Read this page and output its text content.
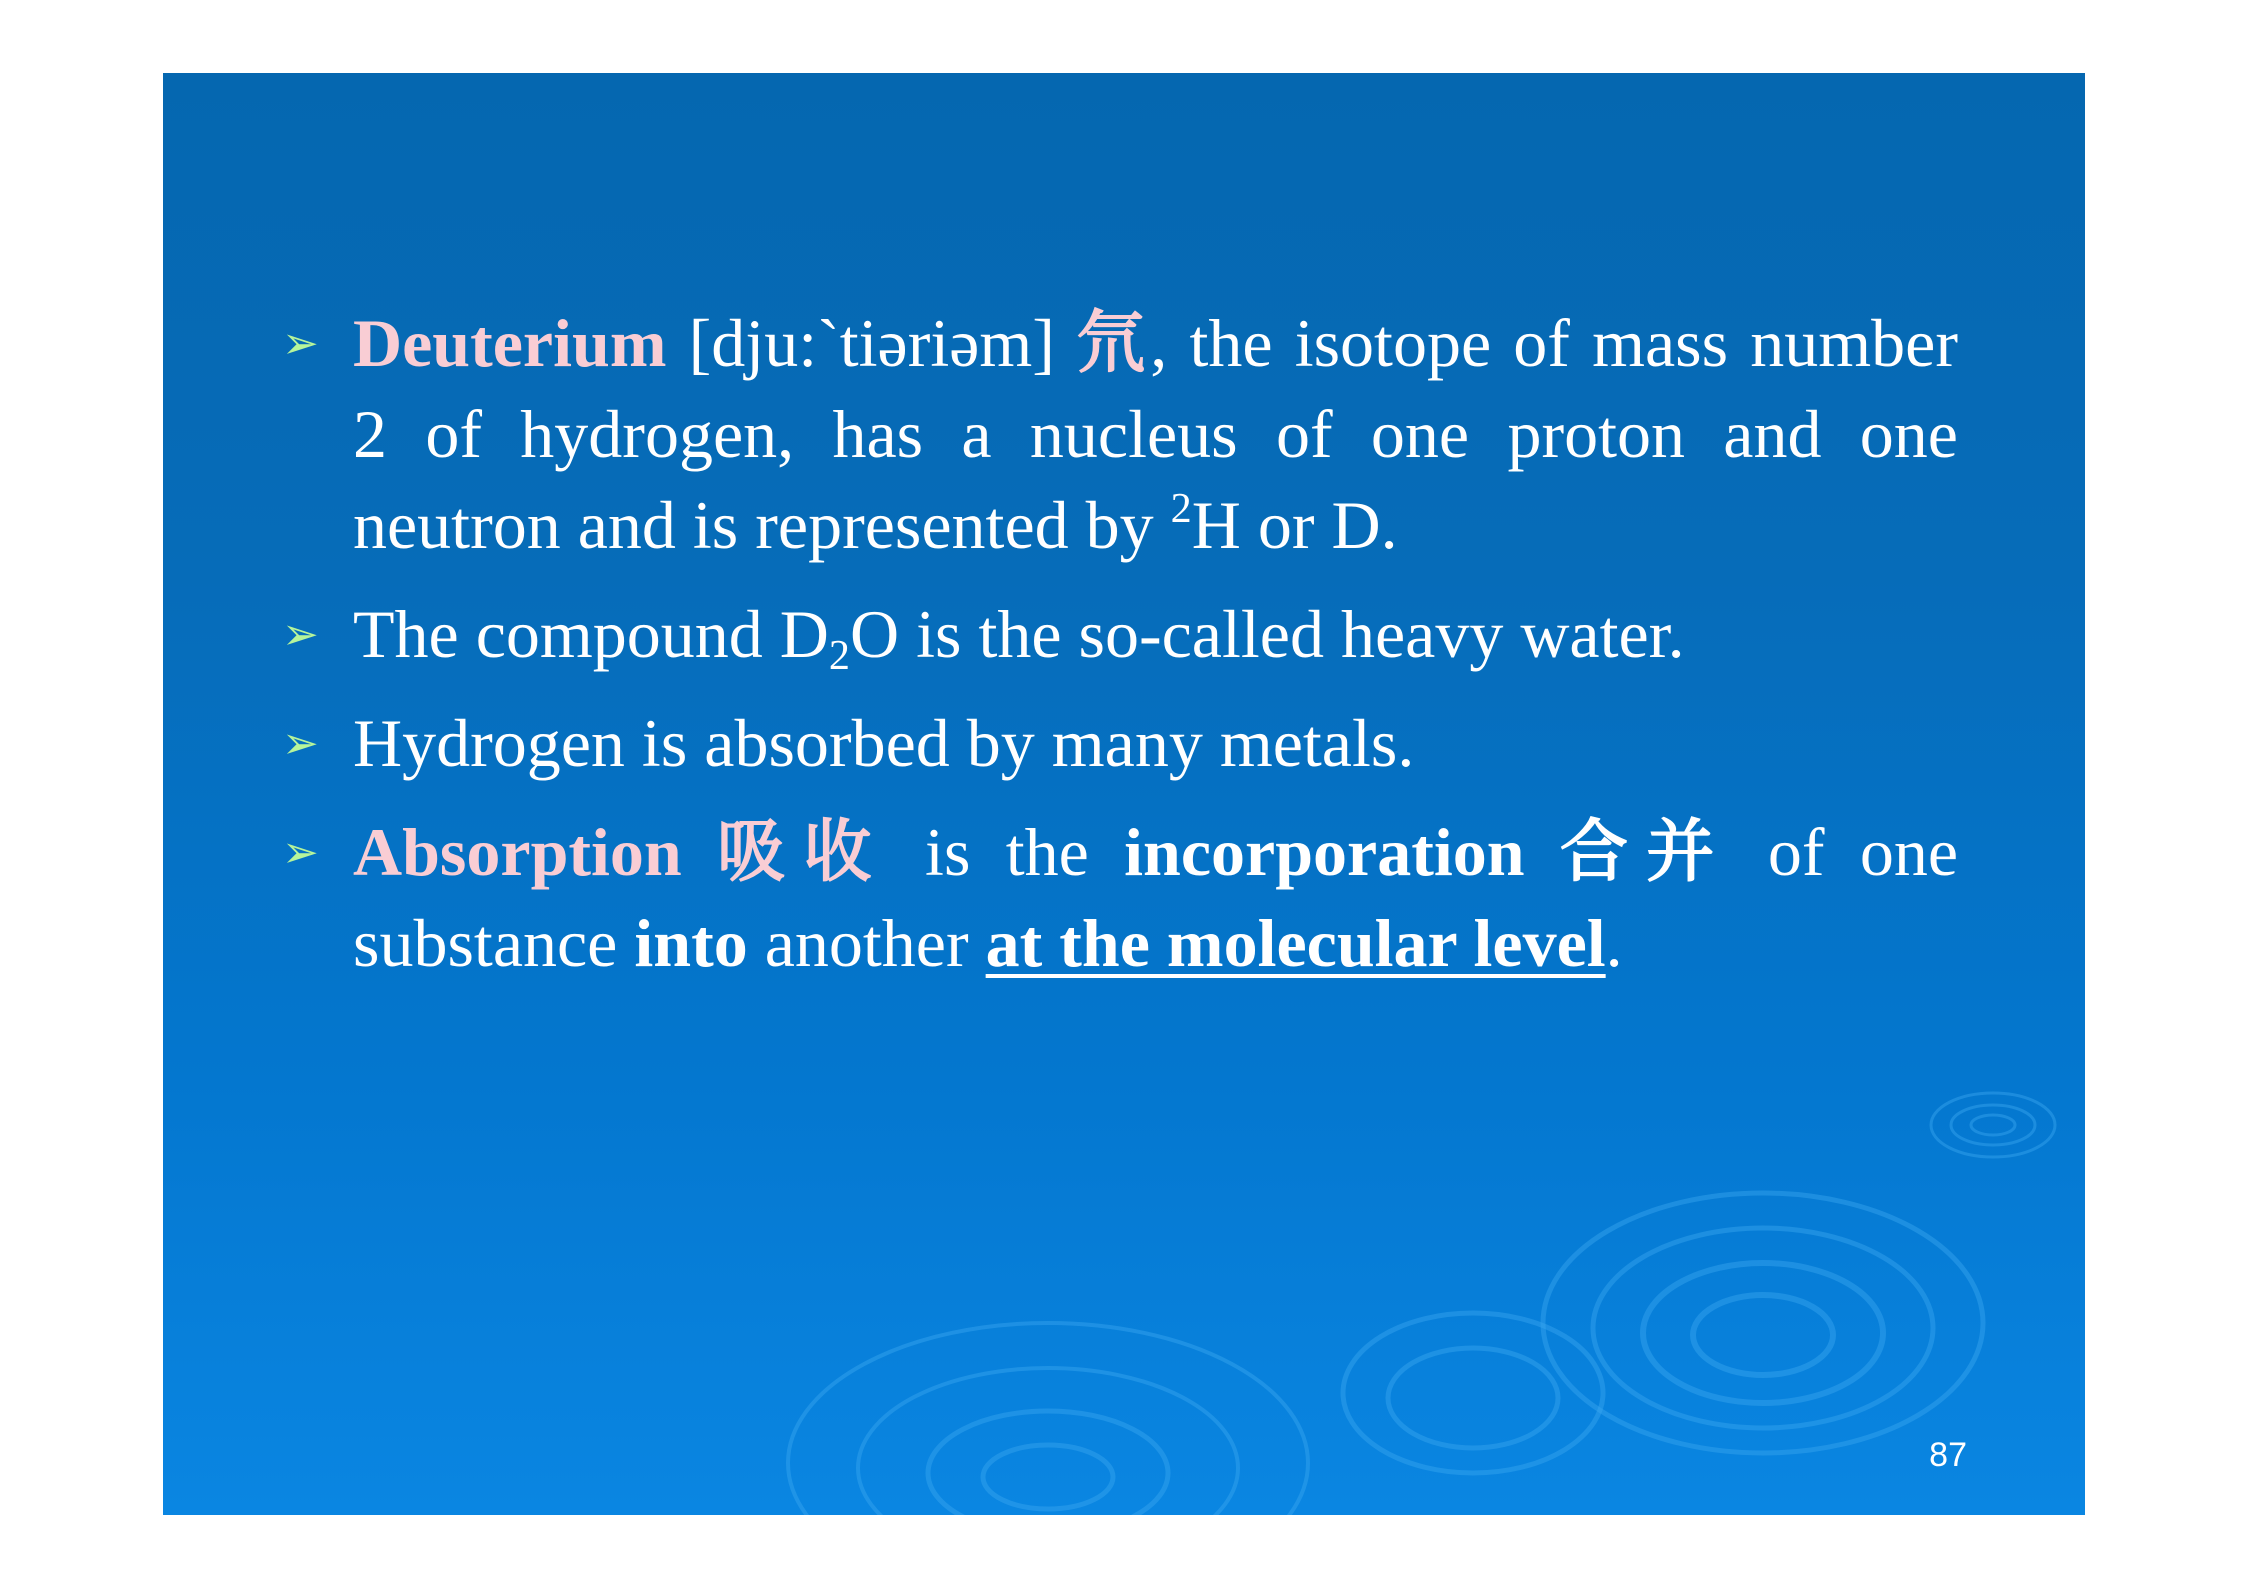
➢ Deuterium [dju:`tiəriəm] 氘, the isotope of mass number 2 of hydrogen, has a nucleus of one proton and one neutron and is represented by $^2$H or D.
➢ The compound $D_2O$ is the so-called heavy water.
➢ Hydrogen is absorbed by many metals.
➢ Absorption 吸收 is the incorporation 合并 of one substance into another at the molecular level.
87
